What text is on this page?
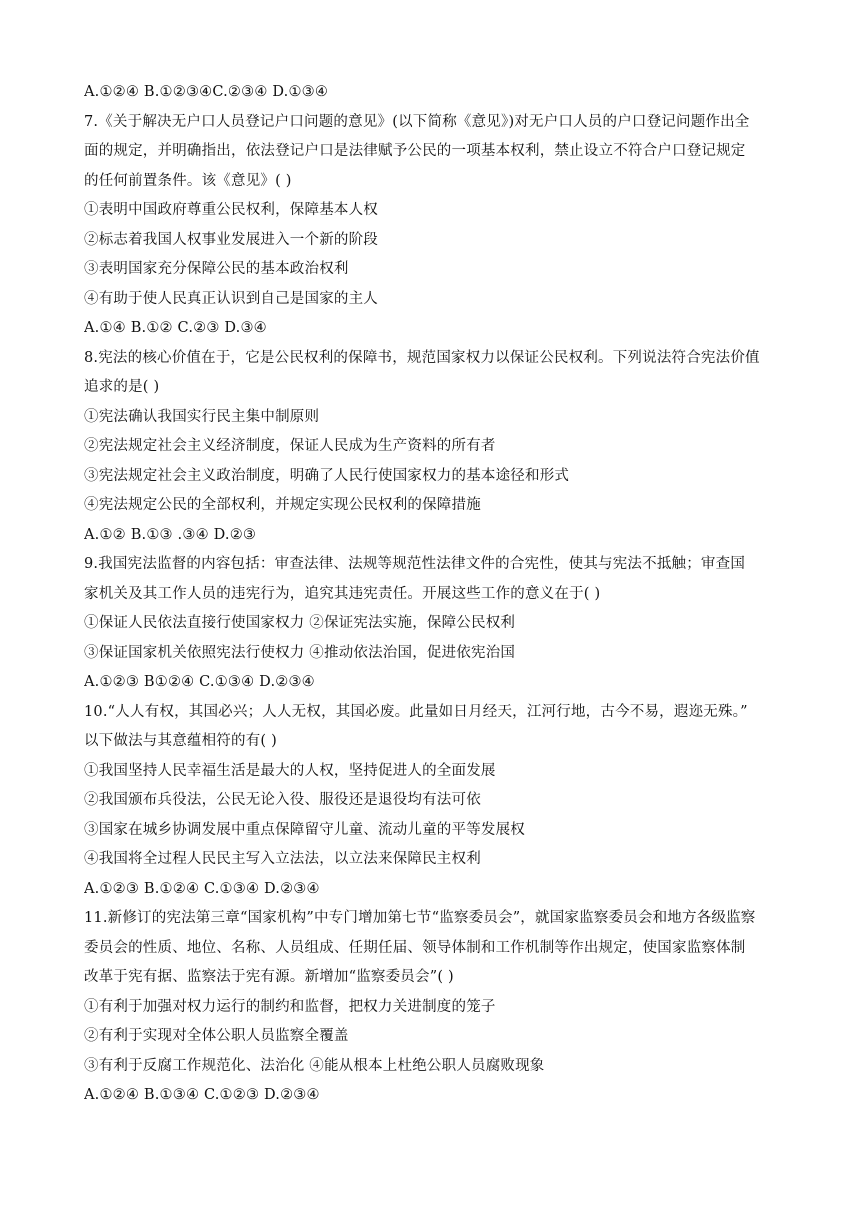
A.①②④ B.①②③④C.②③④ D.①③④
7.《关于解决无户口人员登记户口问题的意见》(以下简称《意见》)对无户口人员的户口登记问题作出全
面的规定，并明确指出，依法登记户口是法律赋予公民的一项基本权利，禁止设立不符合户口登记规定
的任何前置条件。该《意见》( )
①表明中国政府尊重公民权利，保障基本人权
②标志着我国人权事业发展进入一个新的阶段
③表明国家充分保障公民的基本政治权利
④有助于使人民真正认识到自己是国家的主人
A.①④ B.①② C.②③ D.③④
8.宪法的核心价值在于，它是公民权利的保障书，规范国家权力以保证公民权利。下列说法符合宪法价值
追求的是( )
①宪法确认我国实行民主集中制原则
②宪法规定社会主义经济制度，保证人民成为生产资料的所有者
③宪法规定社会主义政治制度，明确了人民行使国家权力的基本途径和形式
④宪法规定公民的全部权利，并规定实现公民权利的保障措施
A.①② B.①③ .③④ D.②③
9.我国宪法监督的内容包括：审查法律、法规等规范性法律文件的合宪性，使其与宪法不抵触；审查国
家机关及其工作人员的违宪行为，追究其违宪责任。开展这些工作的意义在于( )
①保证人民依法直接行使国家权力 ②保证宪法实施，保障公民权利
③保证国家机关依照宪法行使权力 ④推动依法治国，促进依宪治国
A.①②③ B①②④ C.①③④ D.②③④
10.“人人有权，其国必兴；人人无权，其国必废。此量如日月经天，江河行地，古今不易，遐迩无殊。”
以下做法与其意蕴相符的有( )
①我国坚持人民幸福生活是最大的人权，坚持促进人的全面发展
②我国颁布兵役法，公民无论入役、服役还是退役均有法可依
③国家在城乡协调发展中重点保障留守儿童、流动儿童的平等发展权
④我国将全过程人民民主写入立法法，以立法来保障民主权利
A.①②③ B.①②④ C.①③④ D.②③④
11.新修订的宪法第三章“国家机构”中专门增加第七节“监察委员会”，就国家监察委员会和地方各级监察
委员会的性质、地位、名称、人员组成、任期任届、领导体制和工作机制等作出规定，使国家监察体制
改革于宪有据、监察法于宪有源。新增加“监察委员会”( )
①有利于加强对权力运行的制约和监督，把权力关进制度的笼子
②有利于实现对全体公职人员监察全覆盖
③有利于反腐工作规范化、法治化 ④能从根本上杜绝公职人员腐败现象
A.①②④ B.①③④ C.①②③ D.②③④
